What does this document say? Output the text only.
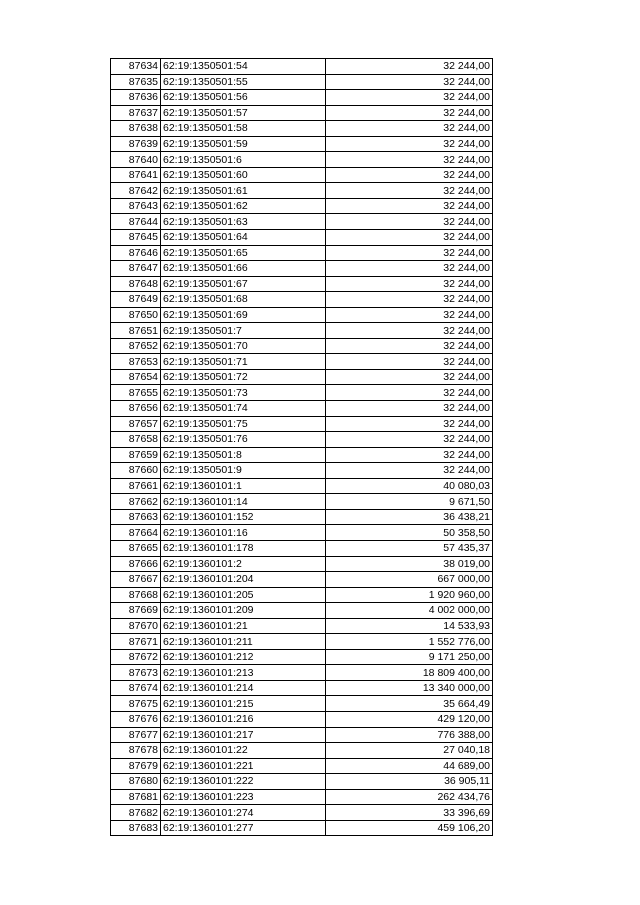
87634	62:19:1350501:54	32 244,00
87635	62:19:1350501:55	32 244,00
87636	62:19:1350501:56	32 244,00
87637	62:19:1350501:57	32 244,00
87638	62:19:1350501:58	32 244,00
87639	62:19:1350501:59	32 244,00
87640	62:19:1350501:6	32 244,00
87641	62:19:1350501:60	32 244,00
87642	62:19:1350501:61	32 244,00
87643	62:19:1350501:62	32 244,00
87644	62:19:1350501:63	32 244,00
87645	62:19:1350501:64	32 244,00
87646	62:19:1350501:65	32 244,00
87647	62:19:1350501:66	32 244,00
87648	62:19:1350501:67	32 244,00
87649	62:19:1350501:68	32 244,00
87650	62:19:1350501:69	32 244,00
87651	62:19:1350501:7	32 244,00
87652	62:19:1350501:70	32 244,00
87653	62:19:1350501:71	32 244,00
87654	62:19:1350501:72	32 244,00
87655	62:19:1350501:73	32 244,00
87656	62:19:1350501:74	32 244,00
87657	62:19:1350501:75	32 244,00
87658	62:19:1350501:76	32 244,00
87659	62:19:1350501:8	32 244,00
87660	62:19:1350501:9	32 244,00
87661	62:19:1360101:1	40 080,03
87662	62:19:1360101:14	9 671,50
87663	62:19:1360101:152	36 438,21
87664	62:19:1360101:16	50 358,50
87665	62:19:1360101:178	57 435,37
87666	62:19:1360101:2	38 019,00
87667	62:19:1360101:204	667 000,00
87668	62:19:1360101:205	1 920 960,00
87669	62:19:1360101:209	4 002 000,00
87670	62:19:1360101:21	14 533,93
87671	62:19:1360101:211	1 552 776,00
87672	62:19:1360101:212	9 171 250,00
87673	62:19:1360101:213	18 809 400,00
87674	62:19:1360101:214	13 340 000,00
87675	62:19:1360101:215	35 664,49
87676	62:19:1360101:216	429 120,00
87677	62:19:1360101:217	776 388,00
87678	62:19:1360101:22	27 040,18
87679	62:19:1360101:221	44 689,00
87680	62:19:1360101:222	36 905,11
87681	62:19:1360101:223	262 434,76
87682	62:19:1360101:274	33 396,69
87683	62:19:1360101:277	459 106,20
